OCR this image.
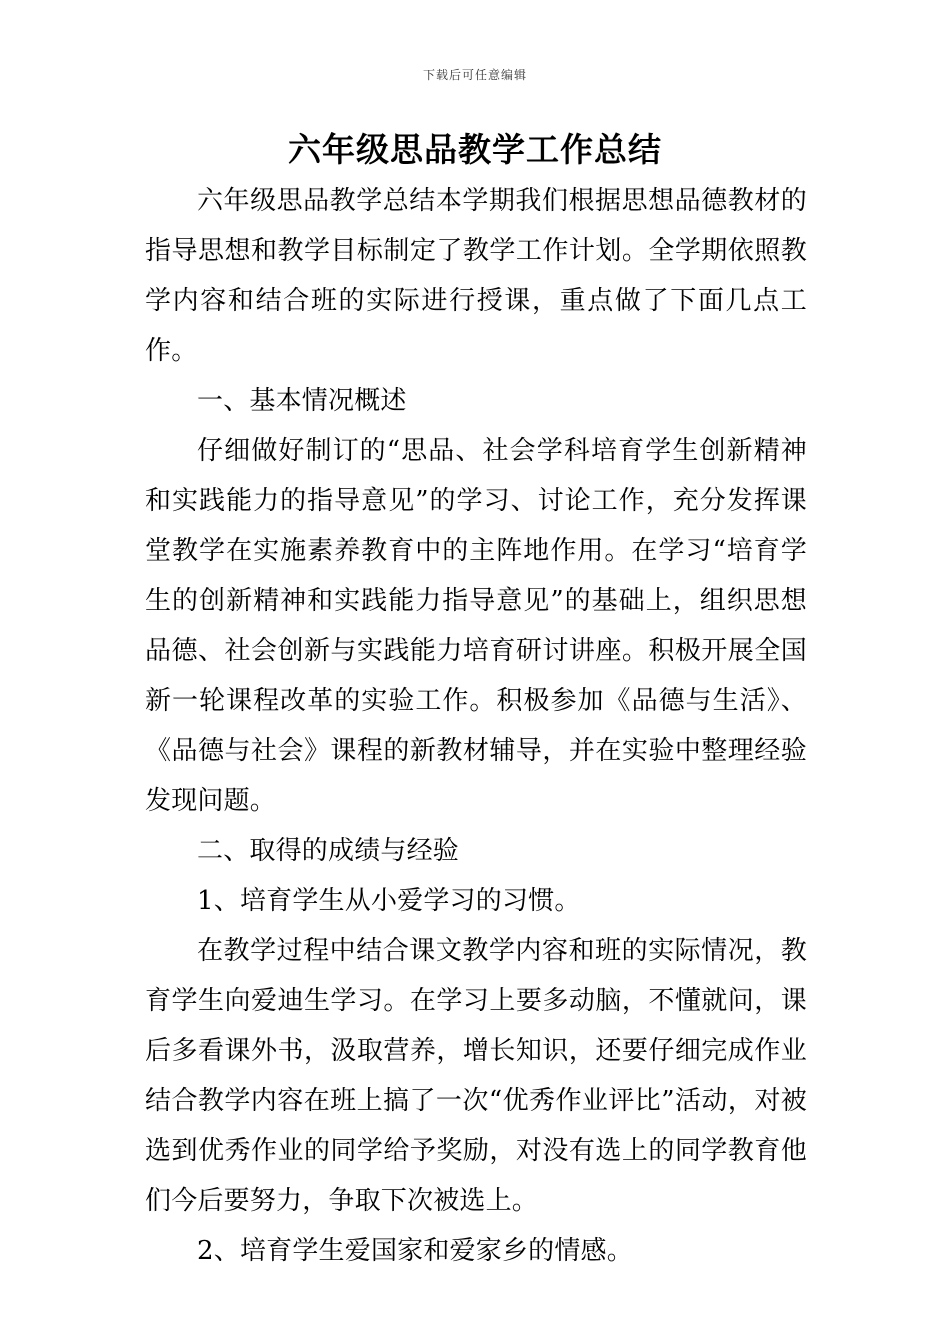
下载后可任意编辑
六年级思品教学工作总结

六年级思品教学总结本学期我们根据思想品德教材的指导思想和教学目标制定了教学工作计划。全学期依照教学内容和结合班的实际进行授课，重点做了下面几点工作。

一、基本情况概述

仔细做好制订的“思品、社会学科培育学生创新精神和实践能力的指导意见”的学习、讨论工作，充分发挥课堂教学在实施素养教育中的主阵地作用。在学习“培育学生的创新精神和实践能力指导意见”的基础上，组织思想品德、社会创新与实践能力培育研讨讲座。积极开展全国新一轮课程改革的实验工作。积极参加《品德与生活》、《品德与社会》课程的新教材辅导，并在实验中整理经验发现问题。

二、取得的成绩与经验

1、培育学生从小爱学习的习惯。

在教学过程中结合课文教学内容和班的实际情况，教育学生向爱迪生学习。在学习上要多动脑，不懂就问，课后多看课外书，汲取营养，增长知识，还要仔细完成作业结合教学内容在班上搞了一次“优秀作业评比”活动，对被选到优秀作业的同学给予奖励，对没有选上的同学教育他们今后要努力，争取下次被选上。

2、培育学生爱国家和爱家乡的情感。
